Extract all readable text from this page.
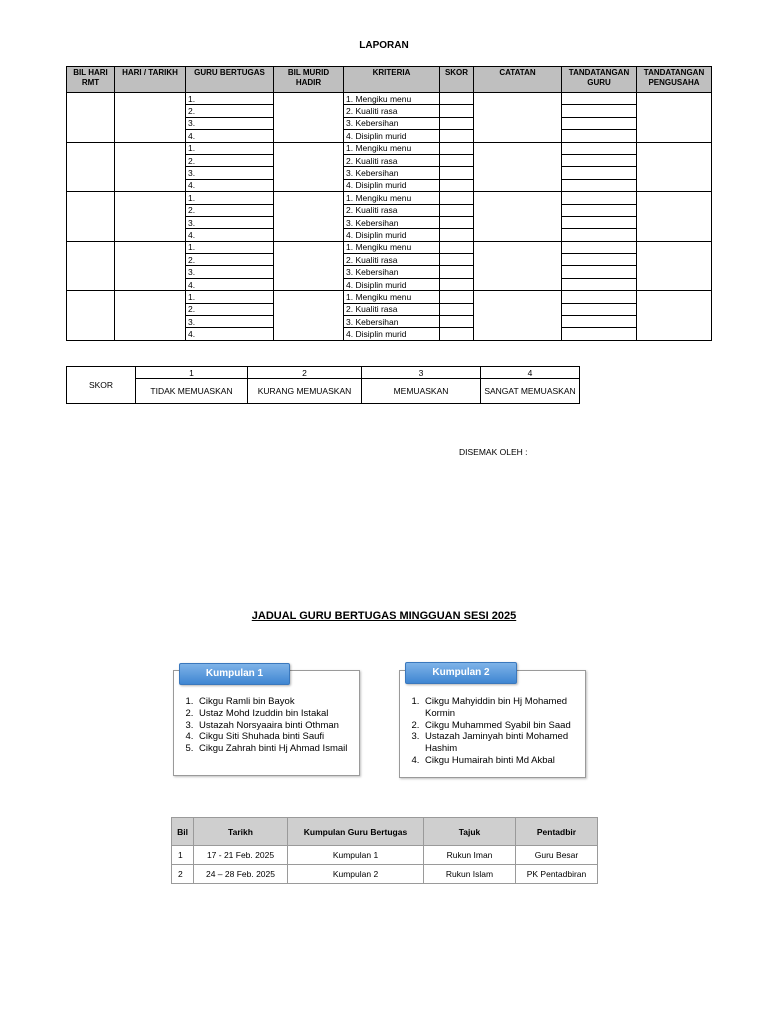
LAPORAN
BIL HARI RMT	HARI / TARIKH	GURU BERTUGAS	BIL MURID HADIR	KRITERIA	SKOR	CATATAN	TANDATANGAN GURU	TANDATANGAN PENGUSAHA
		1.		1. Mengiku menu				
		2.		2. Kualiti rasa				
		3.		3. Kebersihan				
		4.		4. Disiplin murid				
		1.		1. Mengiku menu				
		2.		2. Kualiti rasa				
		3.		3. Kebersihan				
		4.		4. Disiplin murid				
		1.		1. Mengiku menu				
		2.		2. Kualiti rasa				
		3.		3. Kebersihan				
		4.		4. Disiplin murid				
		1.		1. Mengiku menu				
		2.		2. Kualiti rasa				
		3.		3. Kebersihan				
		4.		4. Disiplin murid				
		1.		1. Mengiku menu				
		2.		2. Kualiti rasa				
		3.		3. Kebersihan				
		4.		4. Disiplin murid				
SKOR	1	2	3	4
	TIDAK MEMUASKAN	KURANG MEMUASKAN	MEMUASKAN	SANGAT MEMUASKAN
DISEMAK OLEH :
JADUAL GURU BERTUGAS MINGGUAN SESI 2025
Kumpulan 1
1. Cikgu Ramli bin Bayok
2. Ustaz Mohd Izuddin bin Istakal
3. Ustazah Norsyaaira binti Othman
4. Cikgu Siti Shuhada binti Saufi
5. Cikgu Zahrah binti Hj Ahmad Ismail
Kumpulan 2
1. Cikgu Mahyiddin bin Hj Mohamed Kormin
2. Cikgu Muhammed Syabil bin Saad
3. Ustazah Jaminyah binti Mohamed Hashim
4. Cikgu Humairah binti Md Akbal
Bil	Tarikh	Kumpulan Guru Bertugas	Tajuk	Pentadbir
1	17 - 21 Feb. 2025	Kumpulan 1	Rukun Iman	Guru Besar
2	24 – 28 Feb. 2025	Kumpulan 2	Rukun Islam	PK Pentadbiran
